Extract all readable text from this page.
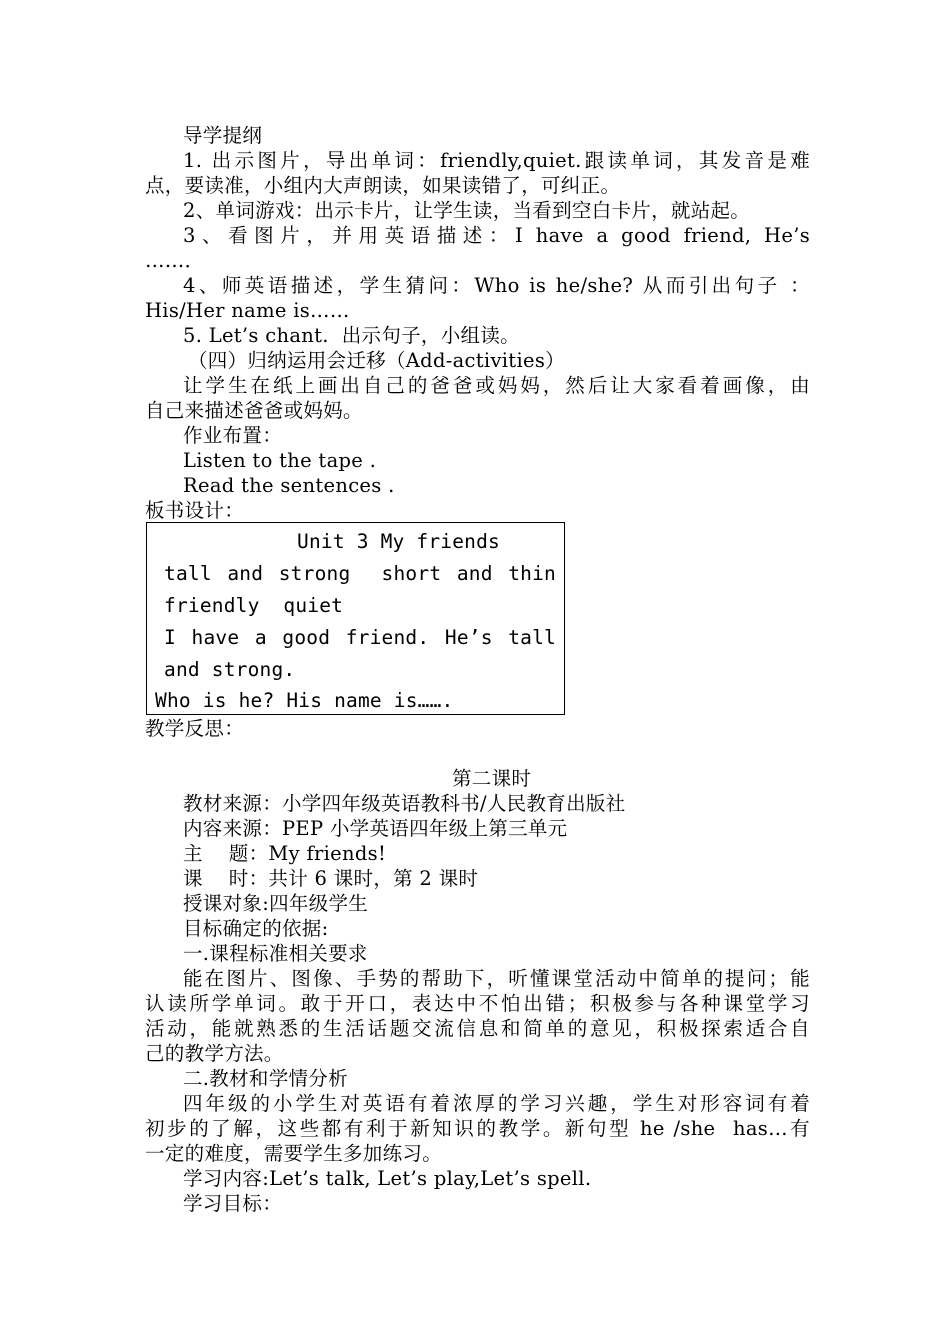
导学提纲
1. 出示图片，导出单词：friendly,quiet.跟读单词，其发音是难
点，要读准，小组内大声朗读，如果读错了，可纠正。
2、单词游戏：出示卡片，让学生读，当看到空白卡片，就站起。
3、看图片，并用英语描述：I have a good friend, He’s
……．
4、师英语描述，学生猜问：Who is he/she? 从而引出句子 ：
His/Her name is……
5. Let’s chant.  出示句子，小组读。
（四）归纳运用会迁移（Add-activities）
让学生在纸上画出自己的爸爸或妈妈，然后让大家看着画像，由
自己来描述爸爸或妈妈。
作业布置：
Listen to the tape .
Read the sentences .
板书设计：
Unit 3 My friends
tall and strong  short and thin
friendly  quiet
I have a good friend. He’s tall
and strong.
Who is he? His name is…….
教学反思：
第二课时
教材来源：小学四年级英语教科书/人民教育出版社
内容来源：PEP 小学英语四年级上第三单元
主    题：My friends!
课    时：共计 6 课时，第 2 课时
授课对象:四年级学生
目标确定的依据:
一.课程标准相关要求
能在图片、图像、手势的帮助下，听懂课堂活动中简单的提问；能
认读所学单词。敢于开口，表达中不怕出错；积极参与各种课堂学习
活动，能就熟悉的生活话题交流信息和简单的意见，积极探索适合自
己的教学方法。
二.教材和学情分析
四年级的小学生对英语有着浓厚的学习兴趣，学生对形容词有着
初步的了解，这些都有利于新知识的教学。新句型 he /she  has…有
一定的难度，需要学生多加练习。
学习内容:Let’s talk, Let’s play,Let’s spell.
学习目标：
